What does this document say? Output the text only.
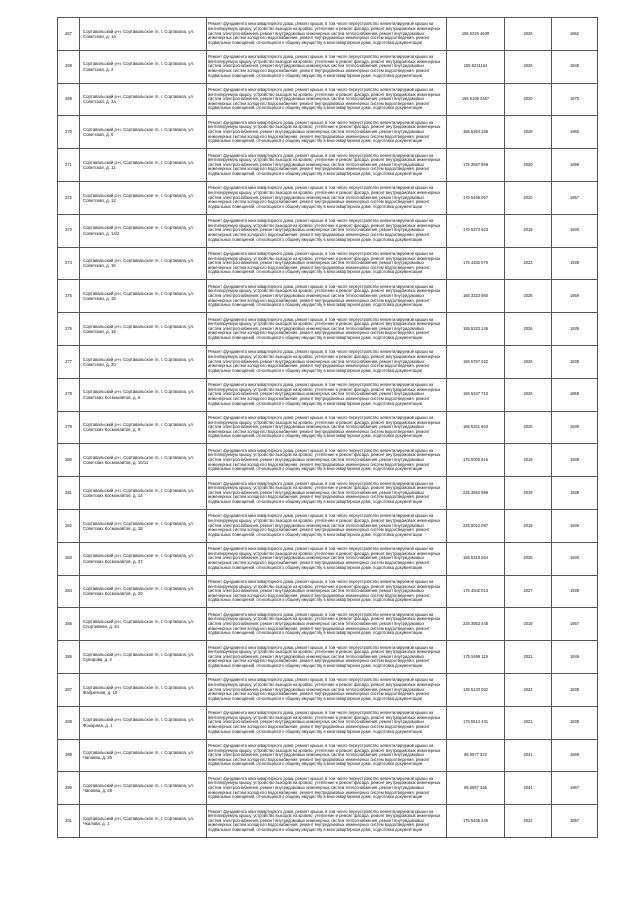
267	Сортавальский р-н, Сортавальское гп, г. Сортавала, ул. Советская, д. 1а	Ремонт фундамента многоквартирного дома, ремонт крыши, в том числе переустройство невентилируемой крыши на вентилируемую крышу, устройство выходов на кровлю, утепление и ремонт фасада, ремонт внутридомовых инженерных систем электроснабжения, ремонт внутридомовых инженерных систем теплоснабжения, ремонт внутридомовых инженерных систем холодного водоснабжения, ремонт внутридомовых инженерных систем водоотведения, ремонт подвальных помещений, относящихся к общему имуществу в многоквартирном доме, подготовка документации	155 5226 4638	2026	1962
268	Сортавальский р-н, Сортавальское гп, г. Сортавала, ул. Советская, д. 2	Ремонт фундамента многоквартирного дома, ремонт крыши, в том числе переустройство невентилируемой крыши на вентилируемую крышу, устройство выходов на кровлю, утепление и ремонт фасада, ремонт внутридомовых инженерных систем электроснабжения, ремонт внутридомовых инженерных систем теплоснабжения, ремонт внутридомовых инженерных систем холодного водоснабжения, ремонт внутридомовых инженерных систем водоотведения, ремонт подвальных помещений, относящихся к общему имуществу в многоквартирном доме, подготовка документации	155 8231164	2026	1948
269	Сортавальский р-н, Сортавальское гп, г. Сортавала, ул. Советская, д. 3а	Ремонт фундамента многоквартирного дома, ремонт крыши, в том числе переустройство невентилируемой крыши на вентилируемую крышу, устройство выходов на кровлю, утепление и ремонт фасада, ремонт внутридомовых инженерных систем электроснабжения, ремонт внутридомовых инженерных систем теплоснабжения, ремонт внутридомовых инженерных систем холодного водоснабжения, ремонт внутридомовых инженерных систем водоотведения, ремонт подвальных помещений, относящихся к общему имуществу в многоквартирном доме, подготовка документации	155 5105 3467	2020	1970
270	Сортавальский р-н, Сортавальское гп, г. Сортавала, ул. Советская, д. 6	Ремонт фундамента многоквартирного дома, ремонт крыши, в том числе переустройство невентилируемой крыши на вентилируемую крышу, устройство выходов на кровлю, утепление и ремонт фасада, ремонт внутридомовых инженерных систем электроснабжения, ремонт внутридомовых инженерных систем теплоснабжения, ремонт внутридомовых инженерных систем холодного водоснабжения, ремонт внутридомовых инженерных систем водоотведения, ремонт подвальных помещений, относящихся к общему имуществу в многоквартирном доме, подготовка документации	155 5364 155	2028	1960
271	Сортавальский р-н, Сортавальское гп, г. Сортавала, ул. Советская, д. 11	Ремонт фундамента многоквартирного дома, ремонт крыши, в том числе переустройство невентилируемой крыши на вентилируемую крышу, устройство выходов на кровлю, утепление и ремонт фасада, ремонт внутридомовых инженерных систем электроснабжения, ремонт внутридомовых инженерных систем теплоснабжения, ремонт внутридомовых инженерных систем холодного водоснабжения, ремонт внутридомовых инженерных систем водоотведения, ремонт подвальных помещений, относящихся к общему имуществу в многоквартирном доме, подготовка документации	175 3567 869	2020	1999
272	Сортавальский р-н, Сортавальское гп, г. Сортавала, ул. Советская, д. 12	Ремонт фундамента многоквартирного дома, ремонт крыши, в том числе переустройство невентилируемой крыши на вентилируемую крышу, устройство выходов на кровлю, утепление и ремонт фасада, ремонт внутридомовых инженерных систем электроснабжения, ремонт внутридомовых инженерных систем теплоснабжения, ремонт внутридомовых инженерных систем холодного водоснабжения, ремонт внутридомовых инженерных систем водоотведения, ремонт подвальных помещений, относящихся к общему имуществу в многоквартирном доме, подготовка документации	175 5495 057	2020	1957
273	Сортавальский р-н, Сортавальское гп, г. Сортавала, ул. Советская, д. 14/2	Ремонт фундамента многоквартирного дома, ремонт крыши, в том числе переустройство невентилируемой крыши на вентилируемую крышу, устройство выходов на кровлю, утепление и ремонт фасада, ремонт внутридомовых инженерных систем электроснабжения, ремонт внутридомовых инженерных систем теплоснабжения, ремонт внутридомовых инженерных систем холодного водоснабжения, ремонт внутридомовых инженерных систем водоотведения, ремонт подвальных помещений, относящихся к общему имуществу в многоквартирном доме, подготовка документации	175 5373 923	2019	1930
274	Сортавальский р-н, Сортавальское гп, г. Сортавала, ул. Советская, д. 16	Ремонт фундамента многоквартирного дома, ремонт крыши, в том числе переустройство невентилируемой крыши на вентилируемую крышу, устройство выходов на кровлю, утепление и ремонт фасада, ремонт внутридомовых инженерных систем электроснабжения, ремонт внутридомовых инженерных систем теплоснабжения, ремонт внутридомовых инженерных систем холодного водоснабжения, ремонт внутридомовых инженерных систем водоотведения, ремонт подвальных помещений, относящихся к общему имуществу в многоквартирном доме, подготовка документации	175 4482 076	2022	1939
275	Сортавальский р-н, Сортавальское гп, г. Сортавала, ул. Советская, д. 18	Ремонт фундамента многоквартирного дома, ремонт крыши, в том числе переустройство невентилируемой крыши на вентилируемую крышу, устройство выходов на кровлю, утепление и ремонт фасада, ремонт внутридомовых инженерных систем электроснабжения, ремонт внутридомовых инженерных систем теплоснабжения, ремонт внутридомовых инженерных систем холодного водоснабжения, ремонт внутридомовых инженерных систем водоотведения, ремонт подвальных помещений, относящихся к общему имуществу в многоквартирном доме, подготовка документации	155 3323 560	2026	1959
276	Сортавальский р-н, Сортавальское гп, г. Сортавала, ул. Советская, д. 19	Ремонт фундамента многоквартирного дома, ремонт крыши, в том числе переустройство невентилируемой крыши на вентилируемую крышу, устройство выходов на кровлю, утепление и ремонт фасада, ремонт внутридомовых инженерных систем электроснабжения, ремонт внутридомовых инженерных систем теплоснабжения, ремонт внутридомовых инженерных систем холодного водоснабжения, ремонт внутридомовых инженерных систем водоотведения, ремонт подвальных помещений, относящихся к общему имуществу в многоквартирном доме, подготовка документации	155 5323 146	2026	1939
277	Сортавальский р-н, Сортавальское гп, г. Сортавала, ул. Советская, д. 20	Ремонт фундамента многоквартирного дома, ремонт крыши, в том числе переустройство невентилируемой крыши на вентилируемую крышу, устройство выходов на кровлю, утепление и ремонт фасада, ремонт внутридомовых инженерных систем электроснабжения, ремонт внутридомовых инженерных систем теплоснабжения, ремонт внутридомовых инженерных систем холодного водоснабжения, ремонт внутридомовых инженерных систем водоотведения, ремонт подвальных помещений, относящихся к общему имуществу в многоквартирном доме, подготовка документации	155 5767 022	2026	1939
278	Сортавальский р-н, Сортавальское гп, г. Сортавала, ул. Советских Космонавтов, д. 6	Ремонт фундамента многоквартирного дома, ремонт крыши, в том числе переустройство невентилируемой крыши на вентилируемую крышу, устройство выходов на кровлю, утепление и ремонт фасада, ремонт внутридомовых инженерных систем электроснабжения, ремонт внутридомовых инженерных систем теплоснабжения, ремонт внутридомовых инженерных систем холодного водоснабжения, ремонт внутридомовых инженерных систем водоотведения, ремонт подвальных помещений, относящихся к общему имуществу в многоквартирном доме, подготовка документации	155 5347 710	2026	1959
279	Сортавальский р-н, Сортавальское гп, г. Сортавала, ул. Советских Космонавтов, д. 9	Ремонт фундамента многоквартирного дома, ремонт крыши, в том числе переустройство невентилируемой крыши на вентилируемую крышу, устройство выходов на кровлю, утепление и ремонт фасада, ремонт внутридомовых инженерных систем электроснабжения, ремонт внутридомовых инженерных систем теплоснабжения, ремонт внутридомовых инженерных систем холодного водоснабжения, ремонт внутридомовых инженерных систем водоотведения, ремонт подвальных помещений, относящихся к общему имуществу в многоквартирном доме, подготовка документации	155 5341 863	2026	1939
280	Сортавальский р-н, Сортавальское гп, г. Сортавала, ул. Советских Космонавтов, д. 10/11	Ремонт фундамента многоквартирного дома, ремонт крыши, в том числе переустройство невентилируемой крыши на вентилируемую крышу, устройство выходов на кровлю, утепление и ремонт фасада, ремонт внутридомовых инженерных систем электроснабжения, ремонт внутридомовых инженерных систем теплоснабжения, ремонт внутридомовых инженерных систем холодного водоснабжения, ремонт внутридомовых инженерных систем водоотведения, ремонт подвальных помещений, относящихся к общему имуществу в многоквартирном доме, подготовка документации	175 5005 615	2019	1939
281	Сортавальский р-н, Сортавальское гп, г. Сортавала, ул. Советских Космонавтов, д. 14	Ремонт фундамента многоквартирного дома, ремонт крыши, в том числе переустройство невентилируемой крыши на вентилируемую крышу, устройство выходов на кровлю, утепление и ремонт фасада, ремонт внутридомовых инженерных систем электроснабжения, ремонт внутридомовых инженерных систем теплоснабжения, ремонт внутридомовых инженерных систем холодного водоснабжения, ремонт внутридомовых инженерных систем водоотведения, ремонт подвальных помещений, относящихся к общему имуществу в многоквартирном доме, подготовка документации	225 3862 999	2019	1939
282	Сортавальский р-н, Сортавальское гп, г. Сортавала, ул. Советских Космонавтов, д. 18	Ремонт фундамента многоквартирного дома, ремонт крыши, в том числе переустройство невентилируемой крыши на вентилируемую крышу, устройство выходов на кровлю, утепление и ремонт фасада, ремонт внутридомовых инженерных систем электроснабжения, ремонт внутридомовых инженерных систем теплоснабжения, ремонт внутридомовых инженерных систем холодного водоснабжения, ремонт внутридомовых инженерных систем водоотведения, ремонт подвальных помещений, относящихся к общему имуществу в многоквартирном доме, подготовка документации	225 5012 087	2019	1939
283	Сортавальский р-н, Сортавальское гп, г. Сортавала, ул. Советских Космонавтов, д. 27	Ремонт фундамента многоквартирного дома, ремонт крыши, в том числе переустройство невентилируемой крыши на вентилируемую крышу, устройство выходов на кровлю, утепление и ремонт фасада, ремонт внутридомовых инженерных систем электроснабжения, ремонт внутридомовых инженерных систем теплоснабжения, ремонт внутридомовых инженерных систем холодного водоснабжения, ремонт внутридомовых инженерных систем водоотведения, ремонт подвальных помещений, относящихся к общему имуществу в многоквартирном доме, подготовка документации	155 5319 564	2025	1930
284	Сортавальский р-н, Сортавальское гп, г. Сортавала, ул. Советских Космонавтов, д. 29	Ремонт фундамента многоквартирного дома, ремонт крыши, в том числе переустройство невентилируемой крыши на вентилируемую крышу, устройство выходов на кровлю, утепление и ремонт фасада, ремонт внутридомовых инженерных систем электроснабжения, ремонт внутридомовых инженерных систем теплоснабжения, ремонт внутридомовых инженерных систем холодного водоснабжения, ремонт внутридомовых инженерных систем водоотведения, ремонт подвальных помещений, относящихся к общему имуществу в многоквартирном доме, подготовка документации	175 4842 013	2027	1939
285	Сортавальский р-н, Сортавальское гп, г. Сортавала, ул. Спортивная, д. 34	Ремонт фундамента многоквартирного дома, ремонт крыши, в том числе переустройство невентилируемой крыши на вентилируемую крышу, устройство выходов на кровлю, утепление и ремонт фасада, ремонт внутридомовых инженерных систем электроснабжения, ремонт внутридомовых инженерных систем теплоснабжения, ремонт внутридомовых инженерных систем холодного водоснабжения, ремонт внутридомовых инженерных систем водоотведения, ремонт подвальных помещений, относящихся к общему имуществу в многоквартирном доме, подготовка документации	225 3953 448	2019	1957
286	Сортавальский р-н, Сортавальское гп, г. Сортавала, ул. Суворова, д. 2	Ремонт фундамента многоквартирного дома, ремонт крыши, в том числе переустройство невентилируемой крыши на вентилируемую крышу, устройство выходов на кровлю, утепление и ремонт фасада, ремонт внутридомовых инженерных систем электроснабжения, ремонт внутридомовых инженерных систем теплоснабжения, ремонт внутридомовых инженерных систем холодного водоснабжения, ремонт внутридомовых инженерных систем водоотведения, ремонт подвальных помещений, относящихся к общему имуществу в многоквартирном доме, подготовка документации	175 5499 119	2021	1946
287	Сортавальский р-н, Сортавальское гп, г. Сортавала, ул. Фабричная, д. 10	Ремонт фундамента многоквартирного дома, ремонт крыши, в том числе переустройство невентилируемой крыши на вентилируемую крышу, устройство выходов на кровлю, утепление и ремонт фасада, ремонт внутридомовых инженерных систем электроснабжения, ремонт внутридомовых инженерных систем теплоснабжения, ремонт внутридомовых инженерных систем холодного водоснабжения, ремонт внутридомовых инженерных систем водоотведения, ремонт подвальных помещений, относящихся к общему имуществу в многоквартирном доме, подготовка документации	135 5133 062	2022	1939
288	Сортавальский р-н, Сортавальское гп, г. Сортавала, ул. Фонарная, д. 1	Ремонт фундамента многоквартирного дома, ремонт крыши, в том числе переустройство невентилируемой крыши на вентилируемую крышу, устройство выходов на кровлю, утепление и ремонт фасада, ремонт внутридомовых инженерных систем электроснабжения, ремонт внутридомовых инженерных систем теплоснабжения, ремонт внутридомовых инженерных систем холодного водоснабжения, ремонт внутридомовых инженерных систем водоотведения, ремонт подвальных помещений, относящихся к общему имуществу в многоквартирном доме, подготовка документации	175 5512 431	2021	1939
289	Сортавальский р-н, Сортавальское гп, г. Сортавала, ул. Чапаева, д. 26	Ремонт фундамента многоквартирного дома, ремонт крыши, в том числе переустройство невентилируемой крыши на вентилируемую крышу, устройство выходов на кровлю, утепление и ремонт фасада, ремонт внутридомовых инженерных систем электроснабжения, ремонт внутридомовых инженерных систем теплоснабжения, ремонт внутридомовых инженерных систем холодного водоснабжения, ремонт внутридомовых инженерных систем водоотведения, ремонт подвальных помещений, относящихся к общему имуществу в многоквартирном доме, подготовка документации	85 5577 322	2041	1969
290	Сортавальский р-н, Сортавальское гп, г. Сортавала, ул. Чапаева, д. 28	Ремонт фундамента многоквартирного дома, ремонт крыши, в том числе переустройство невентилируемой крыши на вентилируемую крышу, устройство выходов на кровлю, утепление и ремонт фасада, ремонт внутридомовых инженерных систем электроснабжения, ремонт внутридомовых инженерных систем теплоснабжения, ремонт внутридомовых инженерных систем холодного водоснабжения, ремонт внутридомовых инженерных систем водоотведения, ремонт подвальных помещений, относящихся к общему имуществу в многоквартирном доме, подготовка документации	85 5567 346	2041	1967
291	Сортавальский р-н, Сортавальское гп, г. Сортавала, ул. Чкалова, д. 1	Ремонт фундамента многоквартирного дома, ремонт крыши, в том числе переустройство невентилируемой крыши на вентилируемую крышу, устройство выходов на кровлю, утепление и ремонт фасада, ремонт внутридомовых инженерных систем электроснабжения, ремонт внутридомовых инженерных систем теплоснабжения, ремонт внутридомовых инженерных систем холодного водоснабжения, ремонт внутридомовых инженерных систем водоотведения, ремонт подвальных помещений, относящихся к общему имуществу в многоквартирном доме, подготовка документации	175 5435 246	2022	1957
